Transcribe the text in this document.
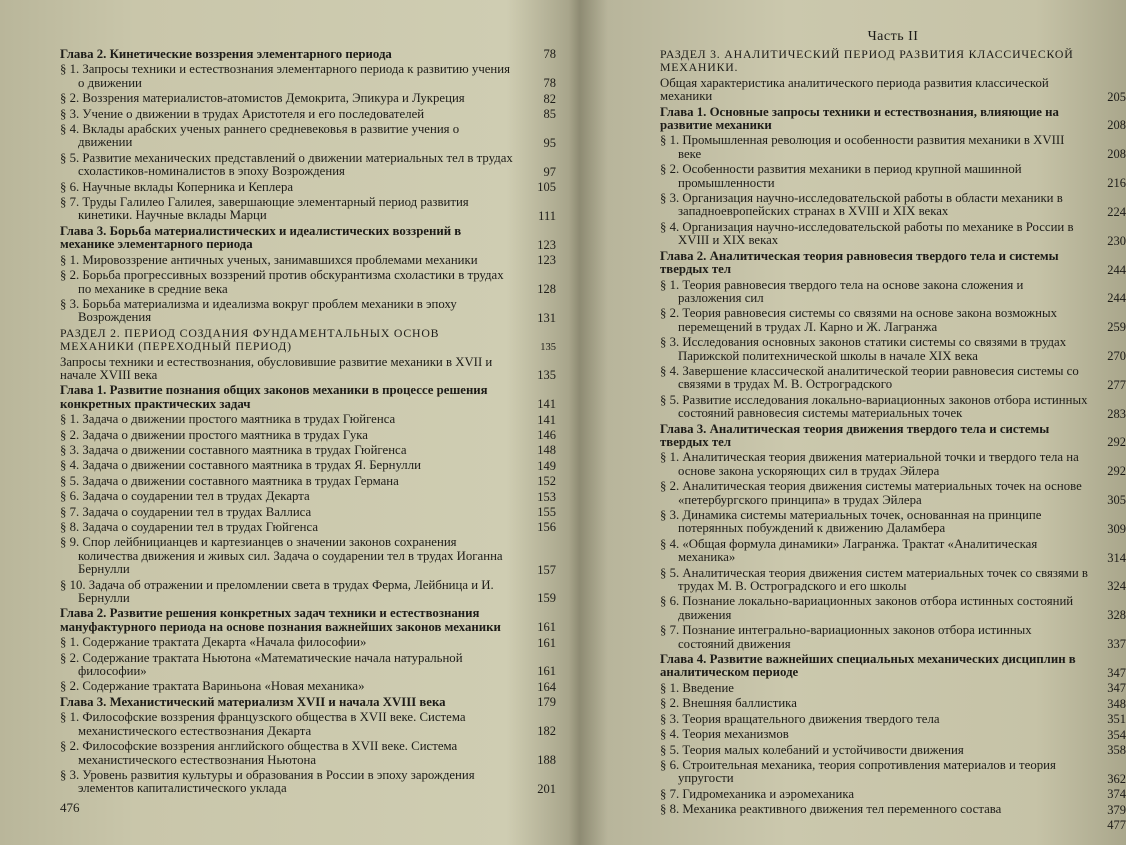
Глава 2. Кинетические воззрения элементарного периода	78
§ 1. Запросы техники и естествознания элементарного периода к развитию учения о движении	78
§ 2. Воззрения материалистов-атомистов Демокрита, Эпикура и Лукреция	82
§ 3. Учение о движении в трудах Аристотеля и его последователей	85
§ 4. Вклады арабских ученых раннего средневековья в развитие учения о движении	95
§ 5. Развитие механических представлений о движении материальных тел в трудах схоластиков-номиналистов в эпоху Возрождения	97
§ 6. Научные вклады Коперника и Кеплера	105
§ 7. Труды Галилео Галилея, завершающие элементарный период развития кинетики. Научные вклады Марци	111
Глава 3. Борьба материалистических и идеалистических воззрений в механике элементарного периода	123
§ 1. Мировоззрение античных ученых, занимавшихся проблемами механики	123
§ 2. Борьба прогрессивных воззрений против обскурантизма схоластики в трудах по механике в средние века	128
§ 3. Борьба материализма и идеализма вокруг проблем механики в эпоху Возрождения	131
РАЗДЕЛ 2. ПЕРИОД СОЗДАНИЯ ФУНДАМЕНТАЛЬНЫХ ОСНОВ МЕХАНИКИ (ПЕРЕХОДНЫЙ ПЕРИОД)	135
Запросы техники и естествознания, обусловившие развитие механики в XVII и начале XVIII века	135
Глава 1. Развитие познания общих законов механики в процессе решения конкретных практических задач	141
§ 1. Задача о движении простого маятника в трудах Гюйгенса	141
§ 2. Задача о движении простого маятника в трудах Гука	146
§ 3. Задача о движении составного маятника в трудах Гюйгенса	148
§ 4. Задача о движении составного маятника в трудах Я. Бернулли	149
§ 5. Задача о движении составного маятника в трудах Германа	152
§ 6. Задача о соударении тел в трудах Декарта	153
§ 7. Задача о соударении тел в трудах Валлиса	155
§ 8. Задача о соударении тел в трудах Гюйгенса	156
§ 9. Спор лейбницианцев и картезианцев о значении законов сохранения количества движения и живых сил. Задача о соударении тел в трудах Иоганна Бернулли	157
§ 10. Задача об отражении и преломлении света в трудах Ферма, Лейбница и И. Бернулли	159
Глава 2. Развитие решения конкретных задач техники и естествознания мануфактурного периода на основе познания важнейших законов механики	161
§ 1. Содержание трактата Декарта «Начала философии»	161
§ 2. Содержание трактата Ньютона «Математические начала натуральной философии»	161
§ 2. Содержание трактата Вариньона «Новая механика»	164
Глава 3. Механистический материализм XVII и начала XVIII века	179
§ 1. Философские воззрения французского общества в XVII веке. Система механистического естествознания Декарта	182
§ 2. Философские воззрения английского общества в XVII веке. Система механистического естествознания Ньютона	188
§ 3. Уровень развития культуры и образования в России в эпоху зарождения элементов капиталистического уклада	201
476
Часть II
РАЗДЕЛ 3. АНАЛИТИЧЕСКИЙ ПЕРИОД РАЗВИТИЯ КЛАССИЧЕСКОЙ МЕХАНИКИ.
Общая характеристика аналитического периода развития классической механики	205
Глава 1. Основные запросы техники и естествознания, влияющие на развитие механики	208
§ 1. Промышленная революция и особенности развития механики в XVIII веке	208
§ 2. Особенности развития механики в период крупной машинной промышленности	216
§ 3. Организация научно-исследовательской работы в области механики в западноевропейских странах в XVIII и XIX веках	224
§ 4. Организация научно-исследовательской работы по механике в России в XVIII и XIX веках	230
Глава 2. Аналитическая теория равновесия твердого тела и системы твердых тел	244
§ 1. Теория равновесия твердого тела на основе закона сложения и разложения сил	244
§ 2. Теория равновесия системы со связями на основе закона возможных перемещений в трудах Л. Карно и Ж. Лагранжа	259
§ 3. Исследования основных законов статики системы со связями в трудах Парижской политехнической школы в начале XIX века	270
§ 4. Завершение классической аналитической теории равновесия системы со связями в трудах М. В. Остроградского	277
§ 5. Развитие исследования локально-вариационных законов отбора истинных состояний равновесия системы материальных точек	283
Глава 3. Аналитическая теория движения твердого тела и системы твердых тел	292
§ 1. Аналитическая теория движения материальной точки и твердого тела на основе закона ускоряющих сил в трудах Эйлера	292
§ 2. Аналитическая теория движения системы материальных точек на основе «петербургского принципа» в трудах Эйлера	305
§ 3. Динамика системы материальных точек, основанная на принципе потерянных побуждений к движению Даламбера	309
§ 4. «Общая формула динамики» Лагранжа. Трактат «Аналитическая механика»	314
§ 5. Аналитическая теория движения систем материальных точек со связями в трудах М. В. Остроградского и его школы	324
§ 6. Познание локально-вариационных законов отбора истинных состояний движения	328
§ 7. Познание интегрально-вариационных законов отбора истинных состояний движения	337
Глава 4. Развитие важнейших специальных механических дисциплин в аналитическом периоде	347
§ 1. Введение	347
§ 2. Внешняя баллистика	348
§ 3. Теория вращательного движения твердого тела	351
§ 4. Теория механизмов	354
§ 5. Теория малых колебаний и устойчивости движения	358
§ 6. Строительная механика, теория сопротивления материалов и теория упругости	362
§ 7. Гидромеханика и аэромеханика	374
§ 8. Механика реактивного движения тел переменного состава	379
477
